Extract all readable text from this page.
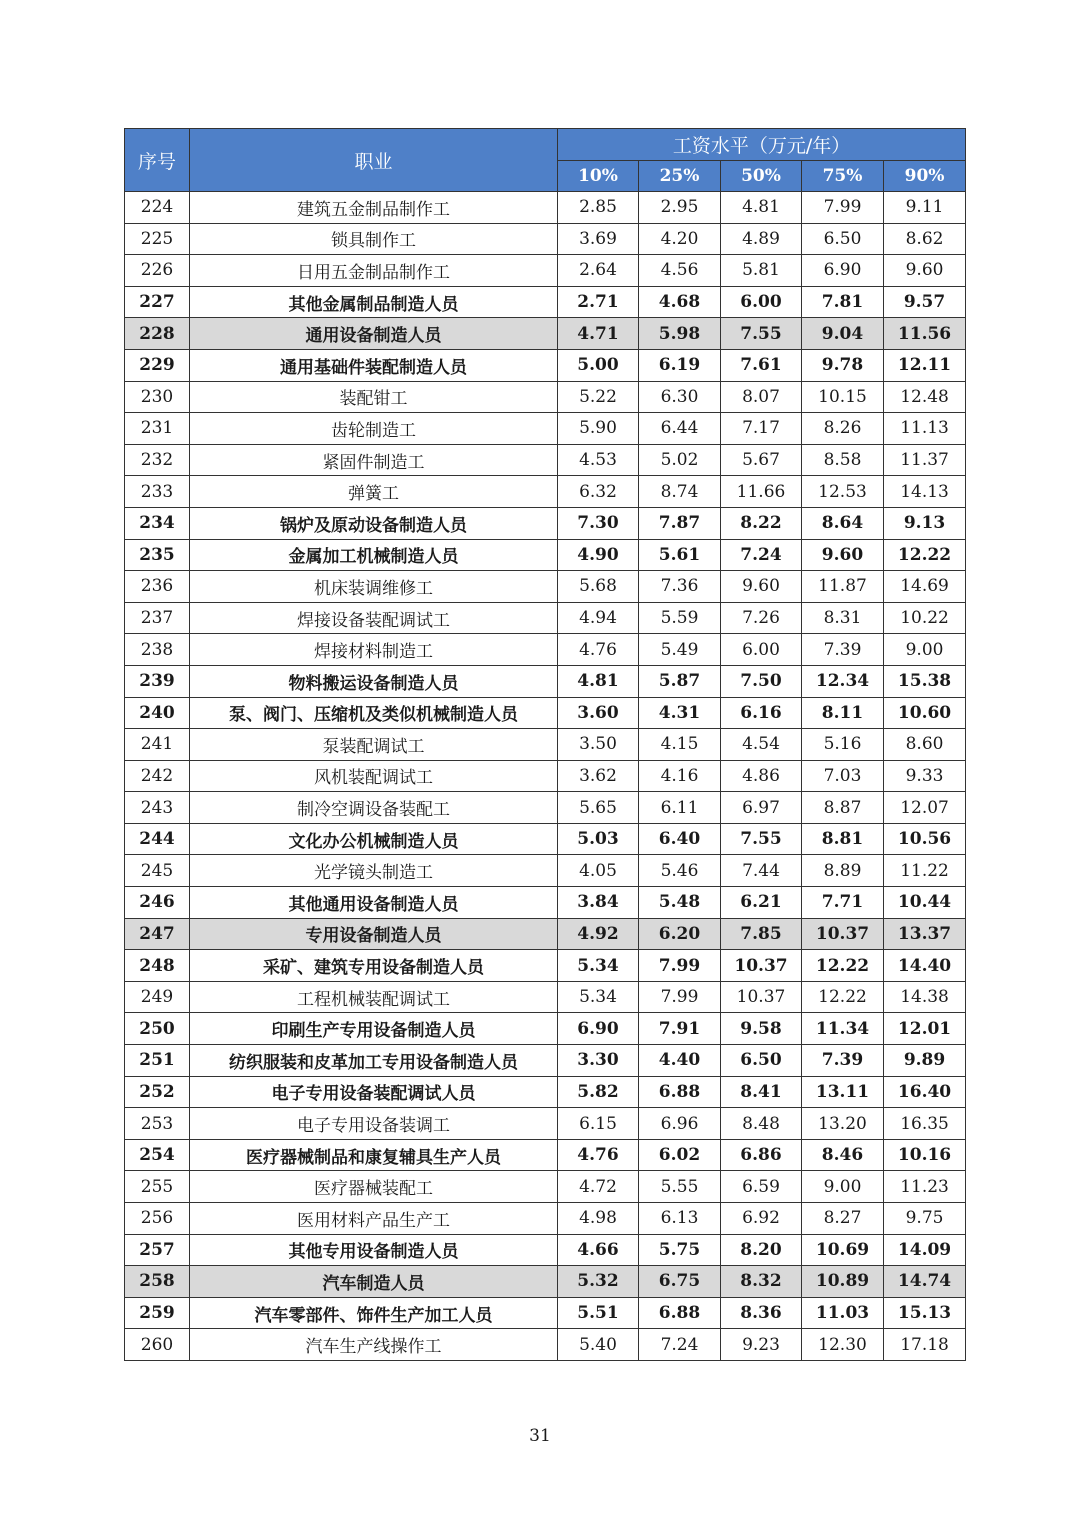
序号	职业	工资水平（万元/年）				
		10%	25%	50%	75%	90%
224	建筑五金制品制作工	2.85	2.95	4.81	7.99	9.11
225	锁具制作工	3.69	4.20	4.89	6.50	8.62
226	日用五金制品制作工	2.64	4.56	5.81	6.90	9.60
227	其他金属制品制造人员	2.71	4.68	6.00	7.81	9.57
228	通用设备制造人员	4.71	5.98	7.55	9.04	11.56
229	通用基础件装配制造人员	5.00	6.19	7.61	9.78	12.11
230	装配钳工	5.22	6.30	8.07	10.15	12.48
231	齿轮制造工	5.90	6.44	7.17	8.26	11.13
232	紧固件制造工	4.53	5.02	5.67	8.58	11.37
233	弹簧工	6.32	8.74	11.66	12.53	14.13
234	锅炉及原动设备制造人员	7.30	7.87	8.22	8.64	9.13
235	金属加工机械制造人员	4.90	5.61	7.24	9.60	12.22
236	机床装调维修工	5.68	7.36	9.60	11.87	14.69
237	焊接设备装配调试工	4.94	5.59	7.26	8.31	10.22
238	焊接材料制造工	4.76	5.49	6.00	7.39	9.00
239	物料搬运设备制造人员	4.81	5.87	7.50	12.34	15.38
240	泵、阀门、压缩机及类似机械制造人员	3.60	4.31	6.16	8.11	10.60
241	泵装配调试工	3.50	4.15	4.54	5.16	8.60
242	风机装配调试工	3.62	4.16	4.86	7.03	9.33
243	制冷空调设备装配工	5.65	6.11	6.97	8.87	12.07
244	文化办公机械制造人员	5.03	6.40	7.55	8.81	10.56
245	光学镜头制造工	4.05	5.46	7.44	8.89	11.22
246	其他通用设备制造人员	3.84	5.48	6.21	7.71	10.44
247	专用设备制造人员	4.92	6.20	7.85	10.37	13.37
248	采矿、建筑专用设备制造人员	5.34	7.99	10.37	12.22	14.40
249	工程机械装配调试工	5.34	7.99	10.37	12.22	14.38
250	印刷生产专用设备制造人员	6.90	7.91	9.58	11.34	12.01
251	纺织服装和皮革加工专用设备制造人员	3.30	4.40	6.50	7.39	9.89
252	电子专用设备装配调试人员	5.82	6.88	8.41	13.11	16.40
253	电子专用设备装调工	6.15	6.96	8.48	13.20	16.35
254	医疗器械制品和康复辅具生产人员	4.76	6.02	6.86	8.46	10.16
255	医疗器械装配工	4.72	5.55	6.59	9.00	11.23
256	医用材料产品生产工	4.98	6.13	6.92	8.27	9.75
257	其他专用设备制造人员	4.66	5.75	8.20	10.69	14.09
258	汽车制造人员	5.32	6.75	8.32	10.89	14.74
259	汽车零部件、饰件生产加工人员	5.51	6.88	8.36	11.03	15.13
260	汽车生产线操作工	5.40	7.24	9.23	12.30	17.18
31
